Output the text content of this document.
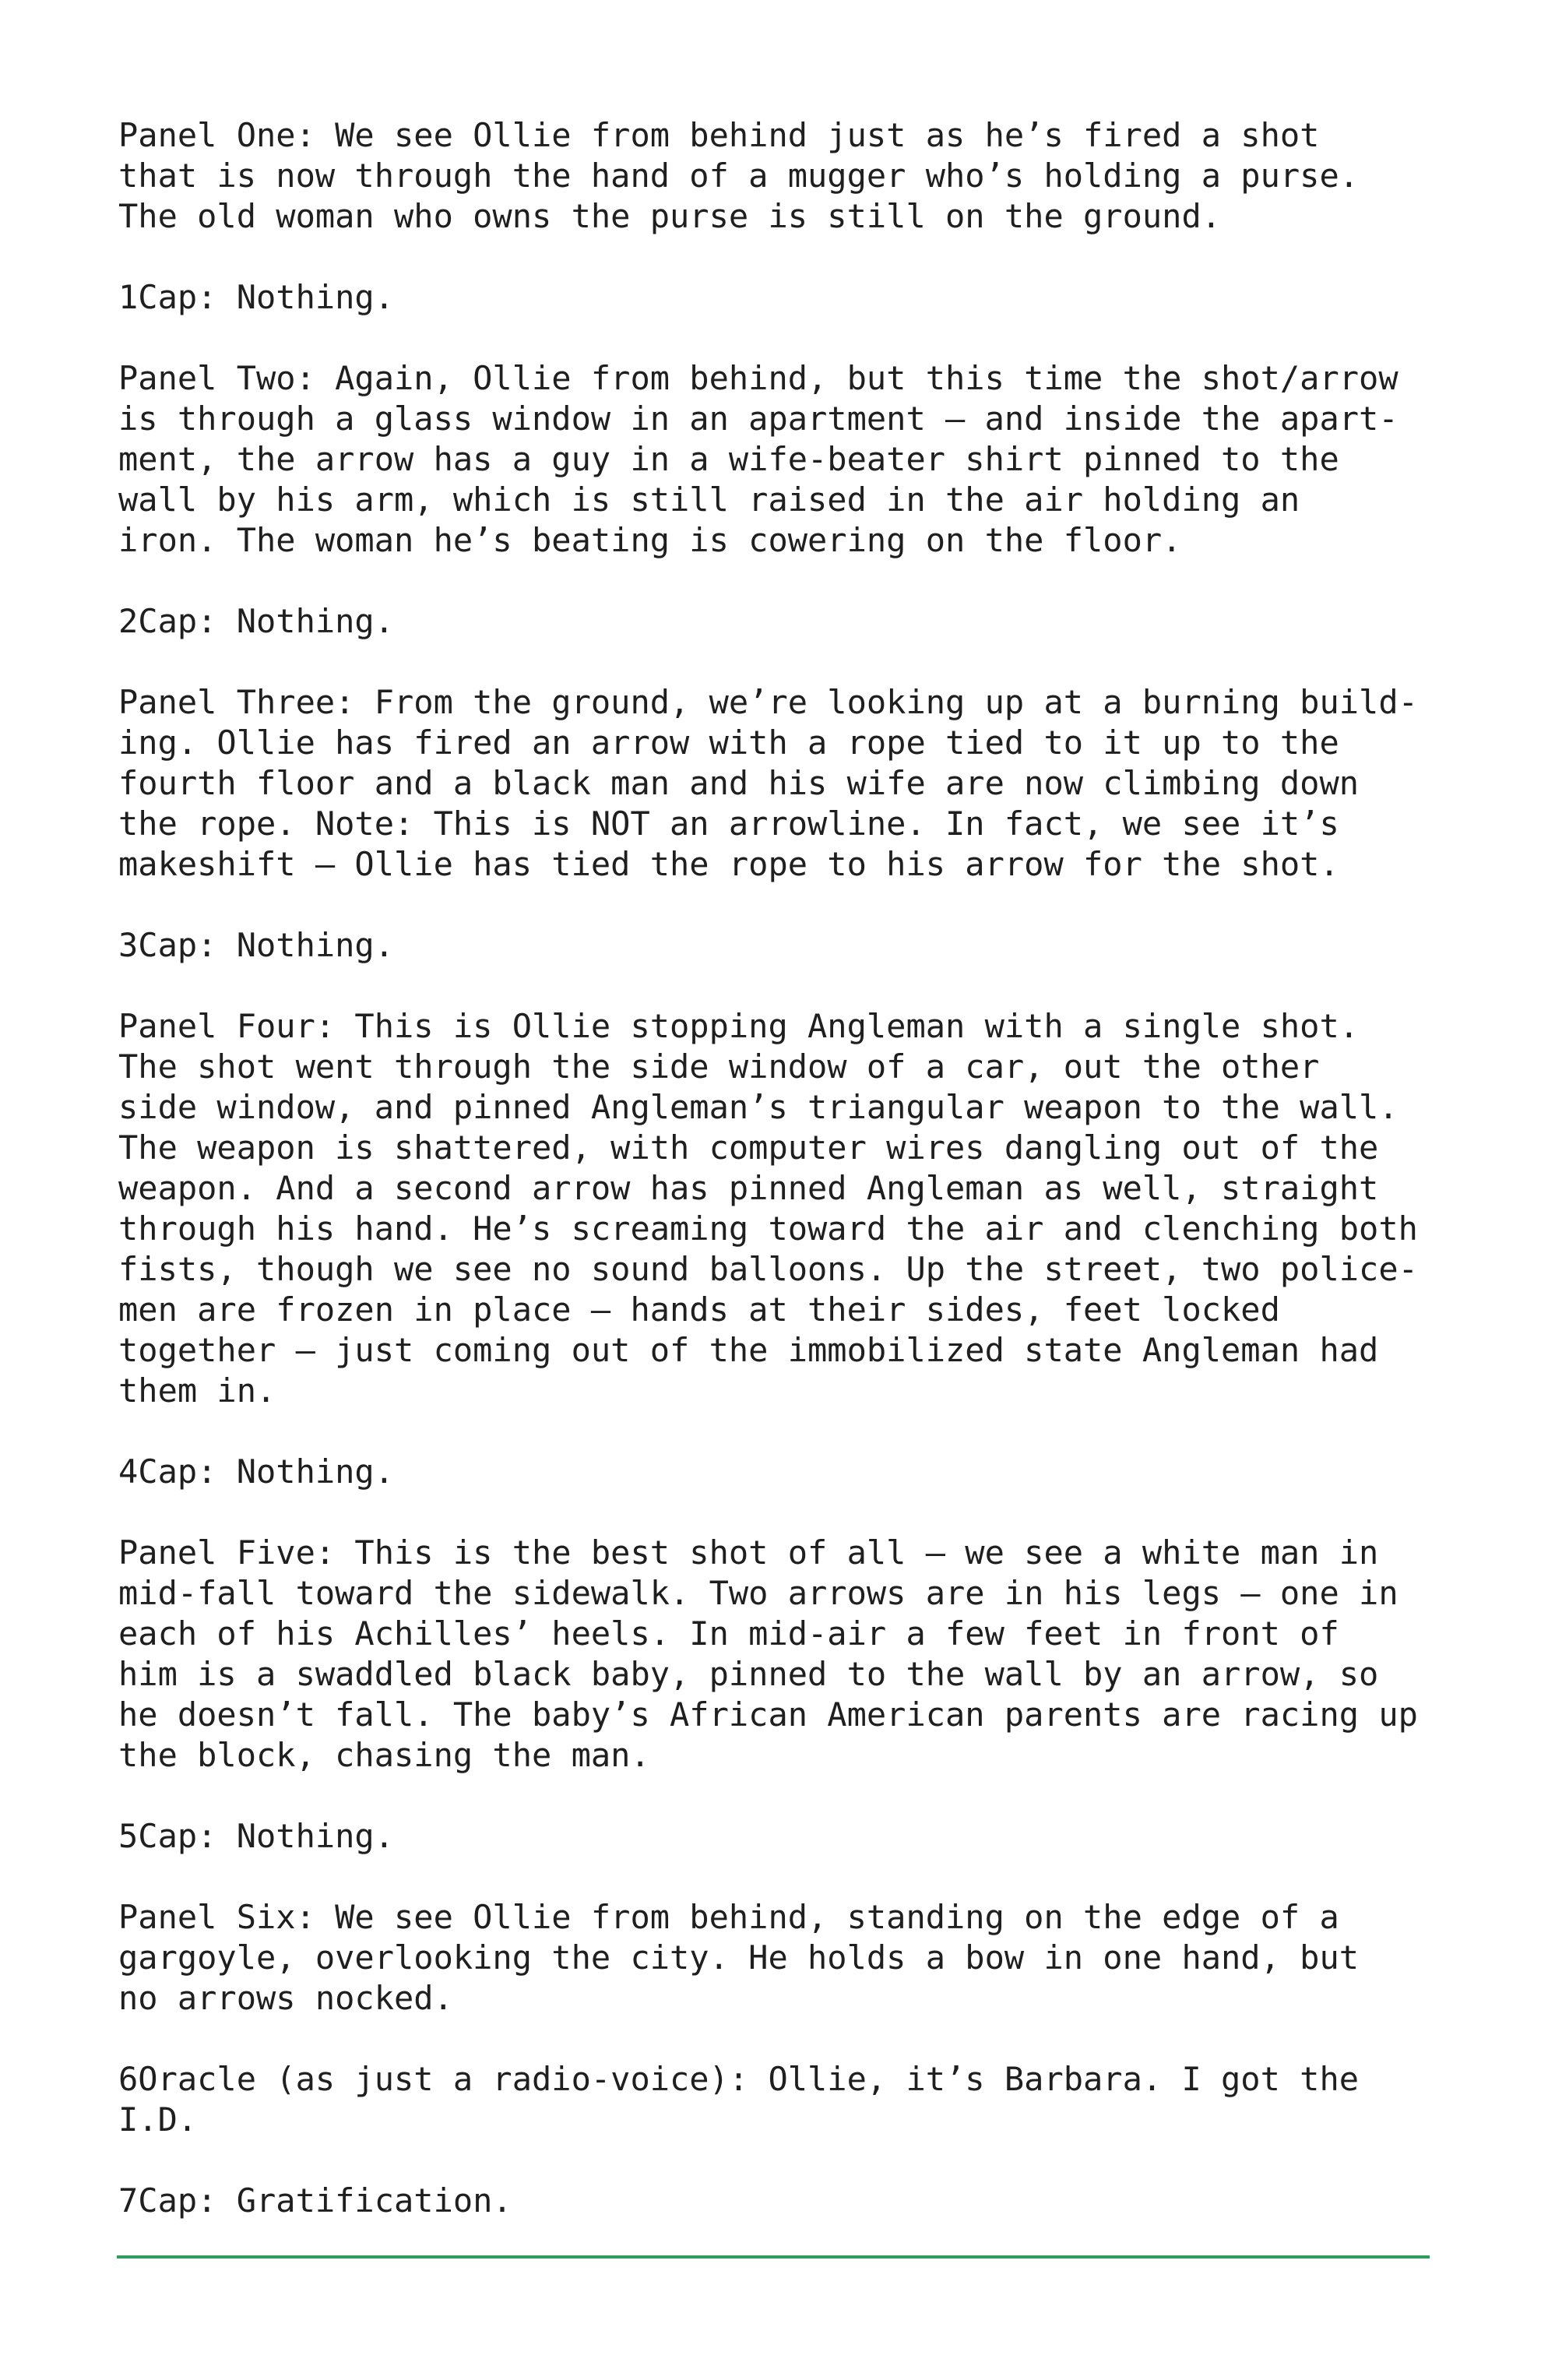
Panel One: We see Ollie from behind just as he’s fired a shot
that is now through the hand of a mugger who’s holding a purse.
The old woman who owns the purse is still on the ground.

1Cap: Nothing.

Panel Two: Again, Ollie from behind, but this time the shot/arrow
is through a glass window in an apartment — and inside the apart-
ment, the arrow has a guy in a wife-beater shirt pinned to the
wall by his arm, which is still raised in the air holding an
iron. The woman he’s beating is cowering on the floor.

2Cap: Nothing.

Panel Three: From the ground, we’re looking up at a burning build-
ing. Ollie has fired an arrow with a rope tied to it up to the
fourth floor and a black man and his wife are now climbing down
the rope. Note: This is NOT an arrowline. In fact, we see it’s
makeshift — Ollie has tied the rope to his arrow for the shot.

3Cap: Nothing.

Panel Four: This is Ollie stopping Angleman with a single shot.
The shot went through the side window of a car, out the other
side window, and pinned Angleman’s triangular weapon to the wall.
The weapon is shattered, with computer wires dangling out of the
weapon. And a second arrow has pinned Angleman as well, straight
through his hand. He’s screaming toward the air and clenching both
fists, though we see no sound balloons. Up the street, two police-
men are frozen in place — hands at their sides, feet locked
together — just coming out of the immobilized state Angleman had
them in.

4Cap: Nothing.

Panel Five: This is the best shot of all — we see a white man in
mid-fall toward the sidewalk. Two arrows are in his legs — one in
each of his Achilles’ heels. In mid-air a few feet in front of
him is a swaddled black baby, pinned to the wall by an arrow, so
he doesn’t fall. The baby’s African American parents are racing up
the block, chasing the man.

5Cap: Nothing.

Panel Six: We see Ollie from behind, standing on the edge of a
gargoyle, overlooking the city. He holds a bow in one hand, but
no arrows nocked.

6Oracle (as just a radio-voice): Ollie, it’s Barbara. I got the
I.D.

7Cap: Gratification.
